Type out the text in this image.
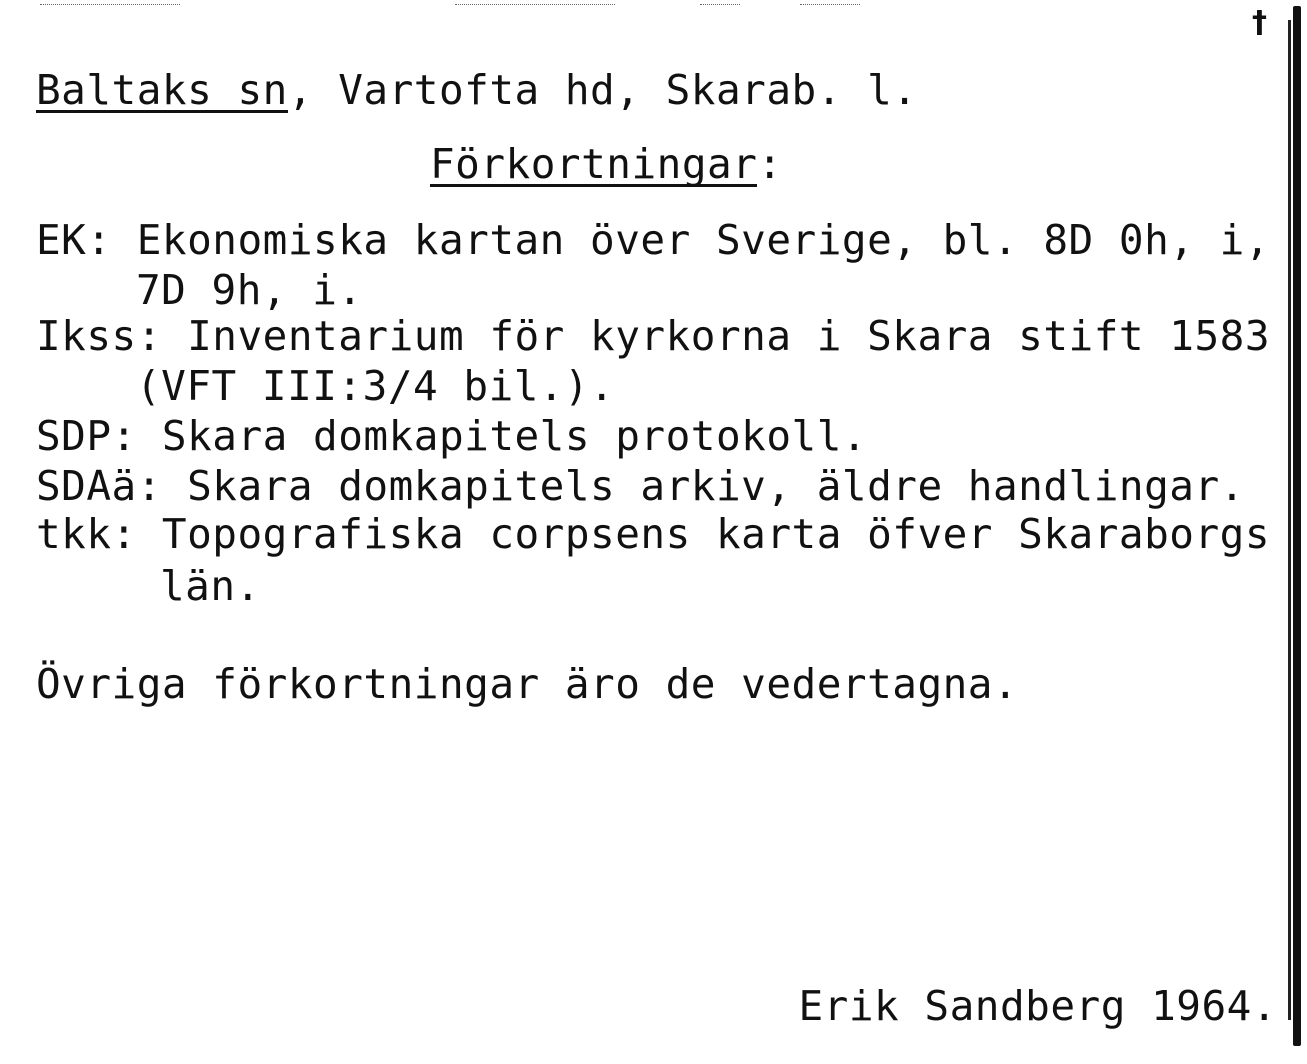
†
Baltaks sn, Vartofta hd, Skarab. l.
Förkortningar:
EK: Ekonomiska kartan över Sverige, bl. 8D 0h, i,
7D 9h, i.
Ikss: Inventarium för kyrkorna i Skara stift 1583
(VFT III:3/4 bil.).
SDP: Skara domkapitels protokoll.
SDAä: Skara domkapitels arkiv, äldre handlingar.
tkk: Topografiska corpsens karta öfver Skaraborgs
län.
Övriga förkortningar äro de vedertagna.
Erik Sandberg 1964.
